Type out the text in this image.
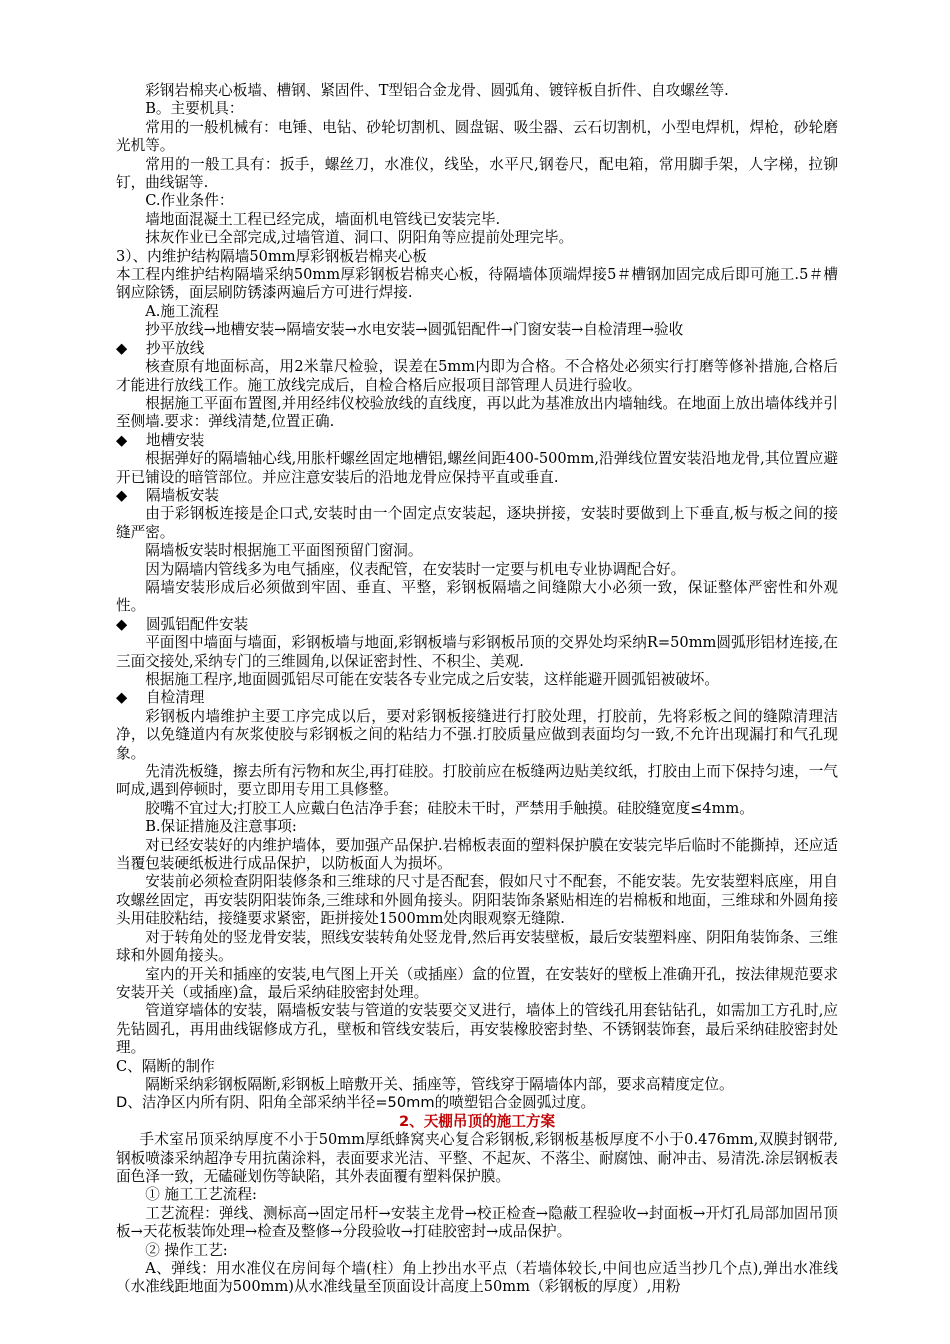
彩钢岩棉夹心板墙、槽钢、紧固件、T型铝合金龙骨、圆弧角、镀锌板自折件、自攻螺丝等.

B。主要机具：

常用的一般机械有：电锤、电钻、砂轮切割机、圆盘锯、吸尘器、云石切割机，小型电焊机，焊枪，砂轮磨光机等。

常用的一般工具有：扳手，螺丝刀，水准仪，线坠，水平尺,钢卷尺，配电箱，常用脚手架，人字梯，拉铆钉，曲线锯等.

C.作业条件：

墙地面混凝土工程已经完成，墙面机电管线已安装完毕.

抹灰作业已全部完成,过墙管道、洞口、阴阳角等应提前处理完毕。

3）、内维护结构隔墙50mm厚彩钢板岩棉夹心板

本工程内维护结构隔墙采纳50mm厚彩钢板岩棉夹心板，待隔墙体顶端焊接5＃槽钢加固完成后即可施工.5＃槽钢应除锈，面层刷防锈漆两遍后方可进行焊接.

A.施工流程

抄平放线→地槽安装→隔墙安装→水电安装→圆弧铝配件→门窗安装→自检清理→验收

◆	抄平放线

核查原有地面标高，用2米靠尺检验，误差在5mm内即为合格。不合格处必须实行打磨等修补措施,合格后才能进行放线工作。施工放线完成后，自检合格后应报项目部管理人员进行验收。

根据施工平面布置图,并用经纬仪校验放线的直线度，再以此为基准放出内墙轴线。在地面上放出墙体线并引至侧墙.要求：弹线清楚,位置正确.

◆	地槽安装

根据弹好的隔墙轴心线,用胀杆螺丝固定地槽铝,螺丝间距400-500mm,沿弹线位置安装沿地龙骨,其位置应避开已铺设的暗管部位。并应注意安装后的沿地龙骨应保持平直或垂直.

◆	隔墙板安装

由于彩钢板连接是企口式,安装时由一个固定点安装起，逐块拼接，安装时要做到上下垂直,板与板之间的接缝严密。

隔墙板安装时根据施工平面图预留门窗洞。

因为隔墙内管线多为电气插座，仪表配管，在安装时一定要与机电专业协调配合好。

隔墙安装形成后必须做到牢固、垂直、平整，彩钢板隔墙之间缝隙大小必须一致，保证整体严密性和外观性。

◆	圆弧铝配件安装

平面图中墙面与墙面，彩钢板墙与地面,彩钢板墙与彩钢板吊顶的交界处均采纳R=50mm圆弧形铝材连接,在三面交接处,采纳专门的三维圆角,以保证密封性、不积尘、美观.

根据施工程序,地面圆弧铝尽可能在安装各专业完成之后安装，这样能避开圆弧铝被破坏。

◆	自检清理

彩钢板内墙维护主要工序完成以后，要对彩钢板接缝进行打胶处理，打胶前，先将彩板之间的缝隙清理洁净，以免缝道内有灰浆使胶与彩钢板之间的粘结力不强.打胶质量应做到表面均匀一致,不允许出现漏打和气孔现象。

先清洗板缝，擦去所有污物和灰尘,再打硅胶。打胶前应在板缝两边贴美纹纸，打胶由上而下保持匀速，一气呵成,遇到停顿时，要立即用专用工具修整。

胶嘴不宜过大;打胶工人应戴白色洁净手套；硅胶未干时，严禁用手触摸。硅胶缝宽度≤4mm。

B.保证措施及注意事项:

对已经安装好的内维护墙体，要加强产品保护.岩棉板表面的塑料保护膜在安装完毕后临时不能撕掉，还应适当覆包装硬纸板进行成品保护，以防板面人为损坏。

安装前必须检查阴阳装修条和三维球的尺寸是否配套，假如尺寸不配套，不能安装。先安装塑料底座，用自攻螺丝固定，再安装阴阳装饰条,三维球和外圆角接头。阴阳装饰条紧贴相连的岩棉板和地面，三维球和外圆角接头用硅胶粘结，接缝要求紧密，距拼接处1500mm处肉眼观察无缝隙.

对于转角处的竖龙骨安装，照线安装转角处竖龙骨,然后再安装壁板，最后安装塑料座、阴阳角装饰条、三维球和外圆角接头。

室内的开关和插座的安装,电气图上开关（或插座）盒的位置，在安装好的壁板上准确开孔，按法律规范要求安装开关（或插座)盒，最后采纳硅胶密封处理。

管道穿墙体的安装，隔墙板安装与管道的安装要交叉进行，墙体上的管线孔用套钻钻孔，如需加工方孔时,应先钻圆孔，再用曲线锯修成方孔，壁板和管线安装后，再安装橡胶密封垫、不锈钢装饰套，最后采纳硅胶密封处理。

C、隔断的制作

隔断采纳彩钢板隔断,彩钢板上暗敷开关、插座等，管线穿于隔墙体内部，要求高精度定位。

D、洁净区内所有阴、阳角全部采纳半径=50mm的喷塑铝合金圆弧过度。

2、天棚吊顶的施工方案

手术室吊顶采纳厚度不小于50mm厚纸蜂窝夹心复合彩钢板,彩钢板基板厚度不小于0.476mm,双膜封钢带,钢板喷漆采纳超净专用抗菌涂料，表面要求光洁、平整、不起灰、不落尘、耐腐蚀、耐冲击、易清洗.涂层钢板表面色泽一致，无磕碰划伤等缺陷，其外表面覆有塑料保护膜。

① 施工工艺流程:

工艺流程：弹线、测标高→固定吊杆→安装主龙骨→校正检查→隐蔽工程验收→封面板→开灯孔局部加固吊顶板→天花板装饰处理→检查及整修→分段验收→打硅胶密封→成品保护。

② 操作工艺:

A、弹线：用水准仪在房间每个墙(柱）角上抄出水平点（若墙体较长,中间也应适当抄几个点),弹出水准线（水准线距地面为500mm)从水准线量至顶面设计高度上50mm（彩钢板的厚度）,用粉
